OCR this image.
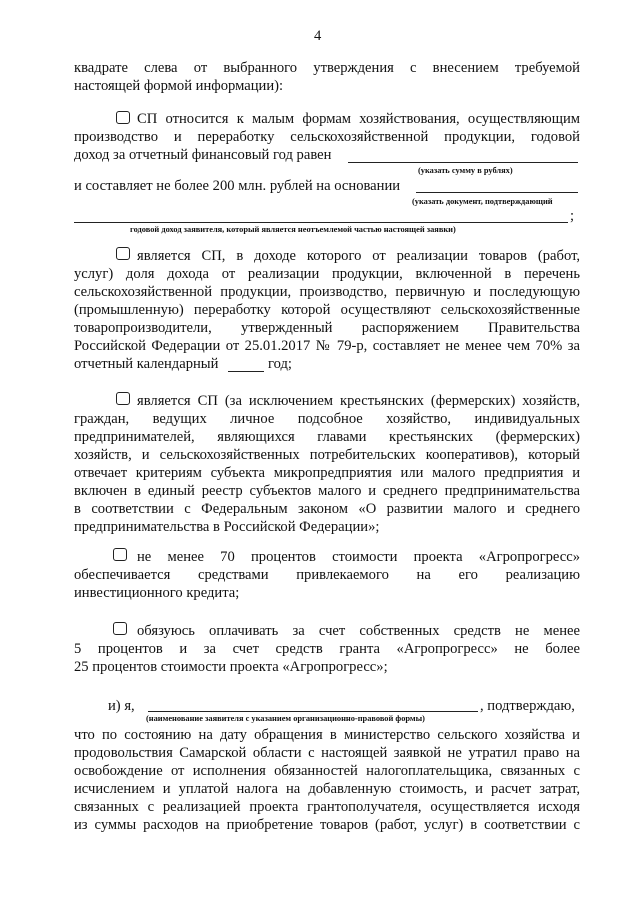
4
квадрате слева от выбранного утверждения с внесением требуемой
настоящей формой информации):
СП относится к малым формам хозяйствования, осуществляющим
производство и переработку сельскохозяйственной продукции, годовой
доход за отчетный финансовый год равен
(указать сумму в рублях)
и составляет не более 200 млн. рублей на основании
(указать документ, подтверждающий
;
годовой доход заявителя, который является неотъемлемой частью настоящей заявки)
является СП, в доходе которого от реализации товаров (работ,
услуг) доля дохода от реализации продукции, включенной в перечень
сельскохозяйственной продукции, производство, первичную и последующую
(промышленную) переработку которой осуществляют сельскохозяйственные
товаропроизводители, утвержденный распоряжением Правительства
Российской Федерации от 25.01.2017 № 79-р, составляет не менее чем 70% за
отчетный календарный	год;
является СП (за исключением крестьянских (фермерских) хозяйств,
граждан, ведущих личное подсобное хозяйство, индивидуальных
предпринимателей, являющихся главами крестьянских (фермерских)
хозяйств, и сельскохозяйственных потребительских кооперативов), который
отвечает критериям субъекта микропредприятия или малого предприятия и
включен в единый реестр субъектов малого и среднего предпринимательства
в соответствии с Федеральным законом «О развитии малого и среднего
предпринимательства в Российской Федерации»;
не менее 70 процентов стоимости проекта «Агропрогресс»
обеспечивается средствами привлекаемого на его реализацию
инвестиционного кредита;
обязуюсь оплачивать за счет собственных средств не менее
5 процентов и за счет средств гранта «Агропрогресс» не более
25 процентов стоимости проекта «Агропрогресс»;
и) я,	, подтверждаю,
(наименование заявителя с указанием организационно-правовой формы)
что по состоянию на дату обращения в министерство сельского хозяйства и
продовольствия Самарской области с настоящей заявкой не утратил право на
освобождение от исполнения обязанностей налогоплательщика, связанных с
исчислением и уплатой налога на добавленную стоимость, и расчет затрат,
связанных с реализацией проекта грантополучателя, осуществляется исходя
из суммы расходов на приобретение товаров (работ, услуг) в соответствии с
